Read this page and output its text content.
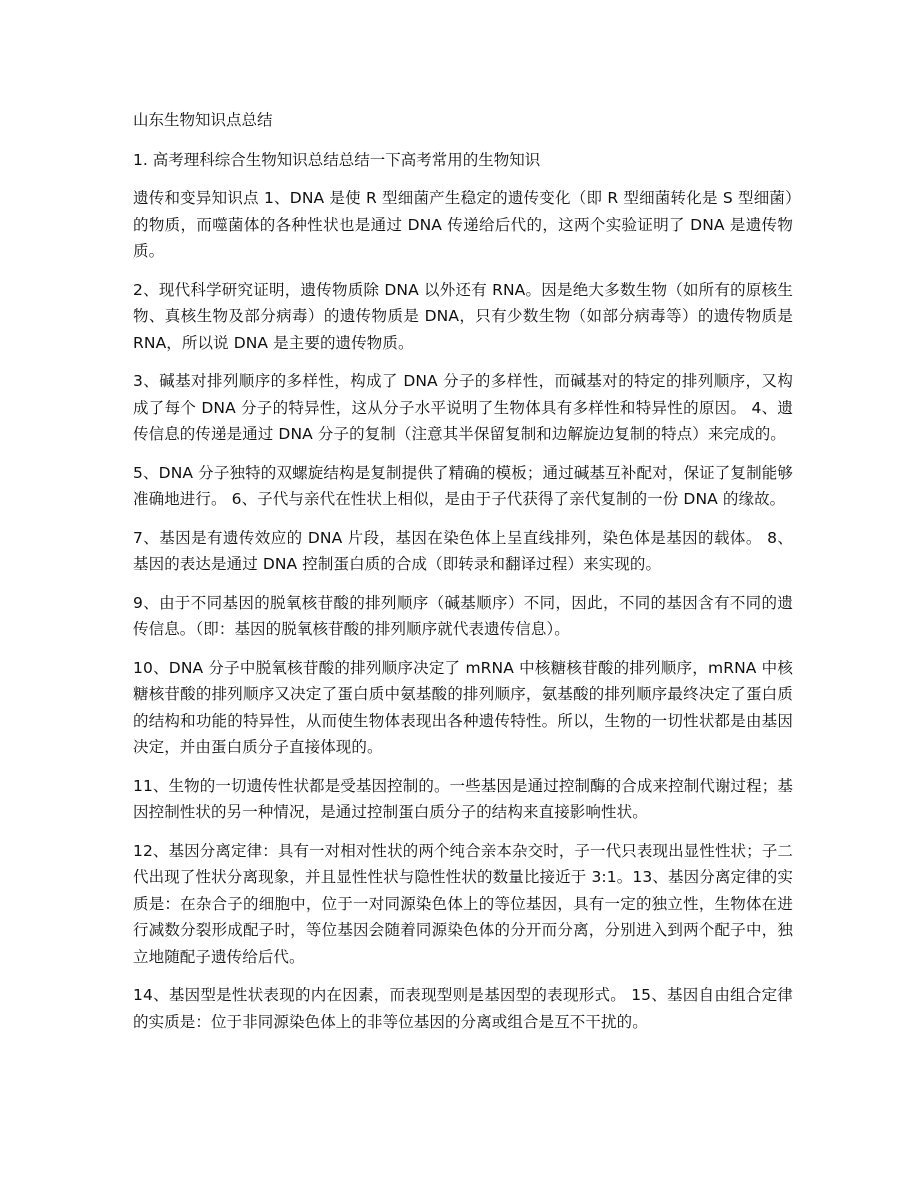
山东生物知识点总结
1. 高考理科综合生物知识总结总结一下高考常用的生物知识

遗传和变异知识点 1、DNA 是使 R 型细菌产生稳定的遗传变化（即 R 型细菌转化是 S 型细菌）的物质，而噬菌体的各种性状也是通过 DNA 传递给后代的，这两个实验证明了 DNA 是遗传物质。

2、现代科学研究证明，遗传物质除 DNA 以外还有 RNA。因是绝大多数生物（如所有的原核生物、真核生物及部分病毒）的遗传物质是 DNA，只有少数生物（如部分病毒等）的遗传物质是 RNA，所以说 DNA 是主要的遗传物质。

3、碱基对排列顺序的多样性，构成了 DNA 分子的多样性，而碱基对的特定的排列顺序，又构成了每个 DNA 分子的特异性，这从分子水平说明了生物体具有多样性和特异性的原因。 4、遗传信息的传递是通过 DNA 分子的复制（注意其半保留复制和边解旋边复制的特点）来完成的。

5、DNA 分子独特的双螺旋结构是复制提供了精确的模板；通过碱基互补配对，保证了复制能够准确地进行。 6、子代与亲代在性状上相似，是由于子代获得了亲代复制的一份 DNA 的缘故。

7、基因是有遗传效应的 DNA 片段，基因在染色体上呈直线排列，染色体是基因的载体。 8、基因的表达是通过 DNA 控制蛋白质的合成（即转录和翻译过程）来实现的。

9、由于不同基因的脱氧核苷酸的排列顺序（碱基顺序）不同，因此，不同的基因含有不同的遗传信息。（即：基因的脱氧核苷酸的排列顺序就代表遗传信息）。

10、DNA 分子中脱氧核苷酸的排列顺序决定了 mRNA 中核糖核苷酸的排列顺序，mRNA 中核糖核苷酸的排列顺序又决定了蛋白质中氨基酸的排列顺序，氨基酸的排列顺序最终决定了蛋白质的结构和功能的特异性，从而使生物体表现出各种遗传特性。所以，生物的一切性状都是由基因决定，并由蛋白质分子直接体现的。

11、生物的一切遗传性状都是受基因控制的。一些基因是通过控制酶的合成来控制代谢过程；基因控制性状的另一种情况，是通过控制蛋白质分子的结构来直接影响性状。

12、基因分离定律：具有一对相对性状的两个纯合亲本杂交时，子一代只表现出显性性状；子二代出现了性状分离现象，并且显性性状与隐性性状的数量比接近于 3:1。13、基因分离定律的实质是：在杂合子的细胞中，位于一对同源染色体上的等位基因，具有一定的独立性，生物体在进行减数分裂形成配子时，等位基因会随着同源染色体的分开而分离，分别进入到两个配子中，独立地随配子遗传给后代。

14、基因型是性状表现的内在因素，而表现型则是基因型的表现形式。 15、基因自由组合定律的实质是：位于非同源染色体上的非等位基因的分离或组合是互不干扰的。
